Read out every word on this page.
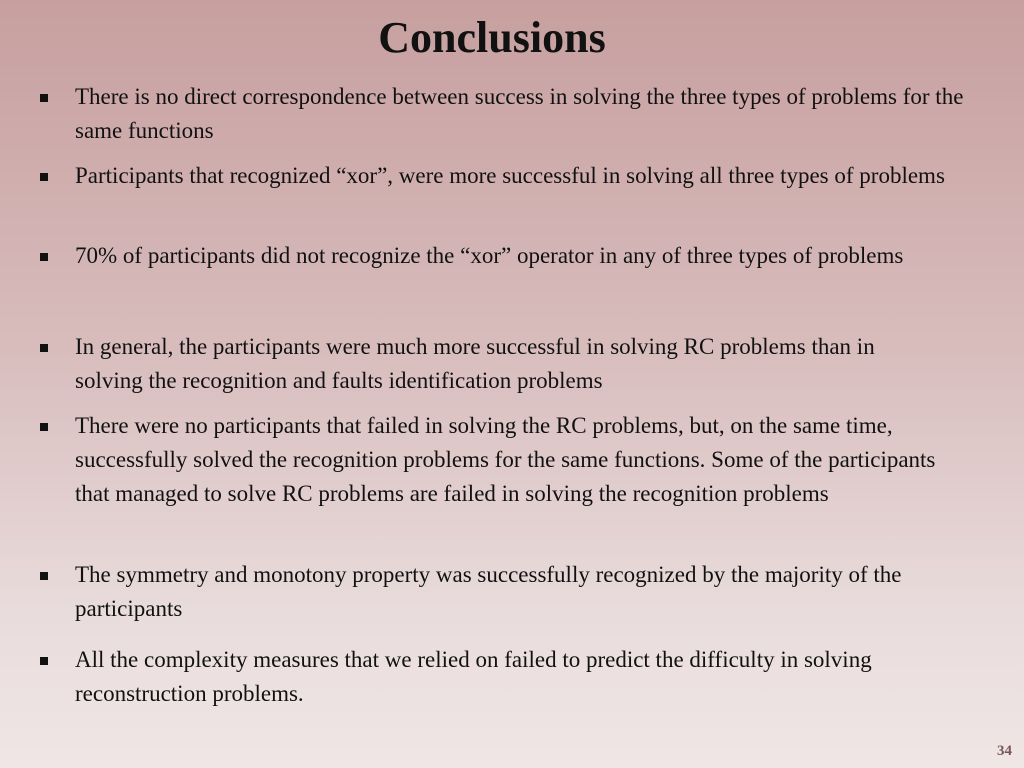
Conclusions
There is no direct correspondence between success in solving the three types of problems for the same functions
Participants that recognized “xor”, were more successful in solving all three types of problems
70% of participants did not recognize the “xor” operator in any of three types of problems
In general, the participants were much more successful in solving RC problems than in solving the recognition and faults identification problems
There were no participants that failed in solving the RC problems, but, on the same time, successfully solved the recognition problems for the same functions. Some of the participants that managed to solve RC problems are failed in solving the recognition problems
The symmetry and monotony property was successfully recognized by the majority of the participants
All the complexity measures that we relied on failed to predict the difficulty in solving reconstruction problems.
34
